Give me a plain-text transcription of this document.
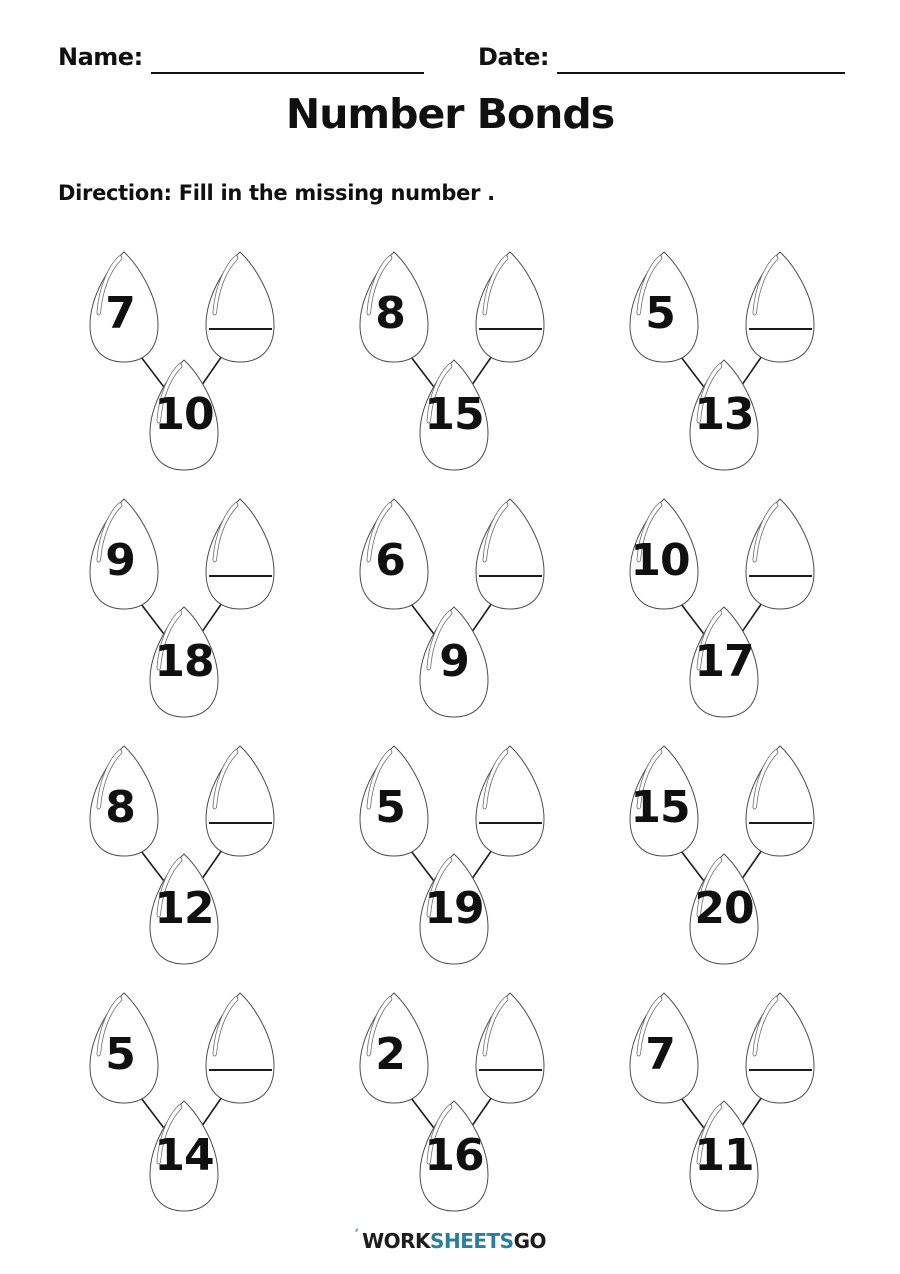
Name:	Date:
Number Bonds
Direction: Fill in the missing number .
7
10
8
15
5
13
9
18
6
9
10
17
8
12
5
19
15
20
5
14
2
16
7
11
’ WORKSHEETSGO
